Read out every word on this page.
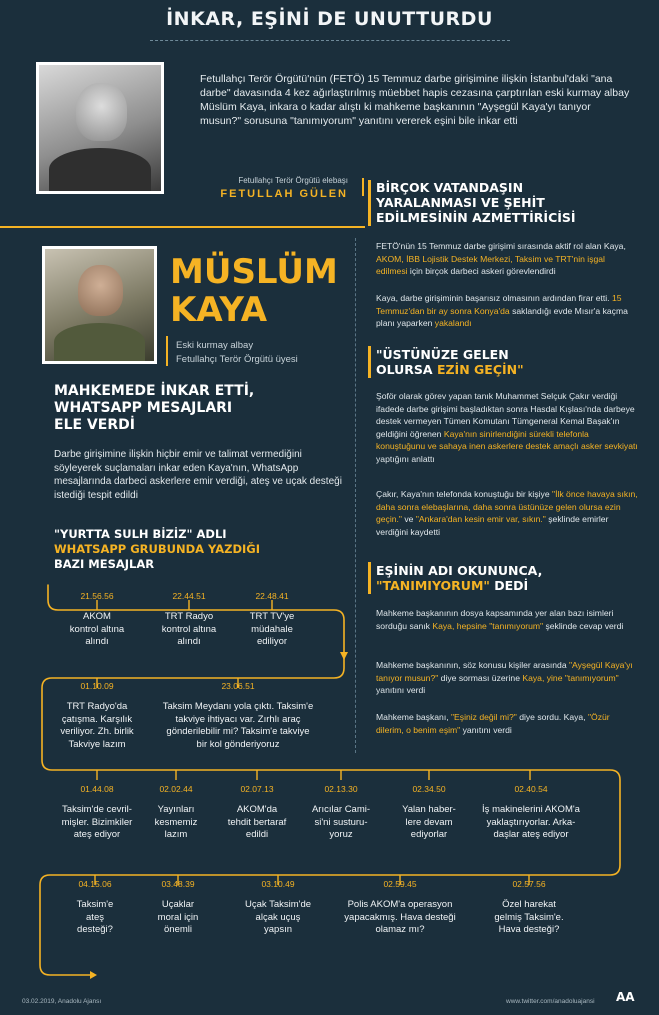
İNKAR, EŞİNİ DE UNUTTURDU
Fetullahçı Terör Örgütü'nün (FETÖ) 15 Temmuz darbe girişimine ilişkin İstanbul'daki "ana darbe" davasında 4 kez ağırlaştırılmış müebbet hapis cezasına çarptırılan eski kurmay albay Müslüm Kaya, inkara o kadar alıştı ki mahkeme başkanının "Ayşegül Kaya'yı tanıyor musun?" sorusuna "tanımıyorum" yanıtını vererek eşini bile inkar etti
Fetullahçı Terör Örgütü elebaşı
FETULLAH GÜLEN
MÜSLÜM
KAYA
Eski kurmay albay
Fetullahçı Terör Örgütü üyesi
MAHKEMEDE İNKAR ETTİ,
WHATSAPP MESAJLARI
ELE VERDİ
Darbe girişimine ilişkin hiçbir emir ve talimat vermediğini söyleyerek suçlamaları inkar eden Kaya'nın, WhatsApp mesajlarında darbeci askerlere emir verdiği, ateş ve uçak desteği istediği tespit edildi
"YURTTA SULH BİZİZ" ADLI
WHATSAPP GRUBUNDA YAZDIĞI
BAZI MESAJLAR
BİRÇOK VATANDAŞIN
YARALANMASI VE ŞEHİT
EDİLMESİNİN AZMETTİRİCİSİ
FETÖ'nün 15 Temmuz darbe girişimi sırasında aktif rol alan Kaya, AKOM, İBB Lojistik Destek Merkezi, Taksim ve TRT'nin işgal edilmesi için birçok darbeci askeri görevlendirdi
Kaya, darbe girişiminin başarısız olmasının ardından firar etti. 15 Temmuz'dan bir ay sonra Konya'da saklandığı evde Mısır'a kaçma planı yaparken yakalandı
"ÜSTÜNÜZE GELEN
OLURSA EZİN GEÇİN"
Şoför olarak görev yapan tanık Muhammet Selçuk Çakır verdiği ifadede darbe girişimi başladıktan sonra Hasdal Kışlası'nda darbeye destek vermeyen Tümen Komutanı Tümgeneral Kemal Başak'ın geldiğini öğrenen Kaya'nın sinirlendiğini sürekli telefonla konuştuğunu ve sahaya inen askerlere destek amaçlı asker sevkiyatı yaptığını anlattı
Çakır, Kaya'nın telefonda konuştuğu bir kişiye "İlk önce havaya sıkın, daha sonra elebaşlarına, daha sonra üstünüze gelen olursa ezin geçin." ve "Ankara'dan kesin emir var, sıkın." şeklinde emirler verdiğini kaydetti
EŞİNİN ADI OKUNUNCA,
"TANIMIYORUM" DEDİ
Mahkeme başkanının dosya kapsamında yer alan bazı isimleri sorduğu sanık Kaya, hepsine "tanımıyorum" şeklinde cevap verdi
Mahkeme başkanının, söz konusu kişiler arasında "Ayşegül Kaya'yı tanıyor musun?" diye sorması üzerine Kaya, yine "tanımıyorum" yanıtını verdi
Mahkeme başkanı, "Eşiniz değil mi?" diye sordu. Kaya, "Özür dilerim, o benim eşim" yanıtını verdi
21.56.56
AKOM
kontrol altına
alındı
22.44.51
TRT Radyo
kontrol altına
alındı
22.48.41
TRT TV'ye
müdahale
ediliyor
01.10.09
TRT Radyo'da
çatışma. Karşılık
veriliyor. Zh. birlik
Takviye lazım
23.06.51
Taksim Meydanı yola çıktı. Taksim'e
takviye ihtiyacı var. Zırhlı araç
gönderilebilir mi? Taksim'e takviye
bir kol gönderiyoruz
01.44.08
Taksim'de cevril-
mişler. Bizimkiler
ateş ediyor
02.02.44
Yayınları
kesmemiz
lazım
02.07.13
AKOM'da
tehdit bertaraf
edildi
02.13.30
Arıcılar Cami-
si'ni susturu-
yoruz
02.34.50
Yalan haber-
lere devam
ediyorlar
02.40.54
İş makinelerini AKOM'a
yaklaştırıyorlar. Arka-
daşlar ateş ediyor
04.15.06
Taksim'e
ateş
desteği?
03.48.39
Uçaklar
moral için
önemli
03.10.49
Uçak Taksim'de
alçak uçuş
yapsın
02.59.45
Polis AKOM'a operasyon
yapacakmış. Hava desteği
olamaz mı?
02.57.56
Özel harekat
gelmiş Taksim'e.
Hava desteği?
03.02.2019, Anadolu Ajansı	www.twitter.com/anadoluajansi AA
